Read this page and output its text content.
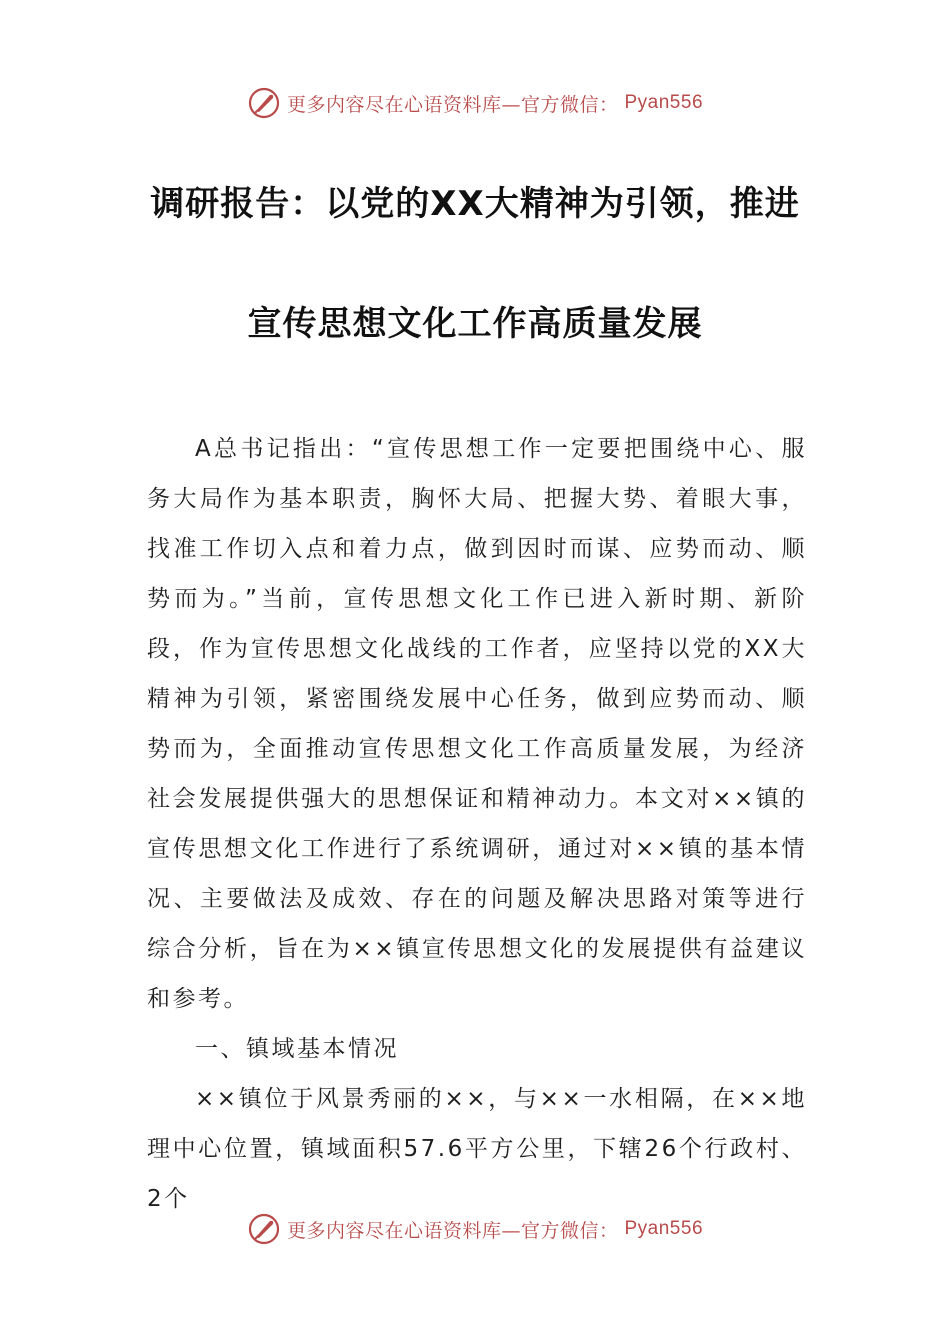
更多内容尽在心语资料库—官方微信： Pyan556
调研报告：以党的XX大精神为引领，推进
宣传思想文化工作高质量发展

A总书记指出：“宣传思想工作一定要把围绕中心、服务大局作为基本职责，胸怀大局、把握大势、着眼大事，找准工作切入点和着力点，做到因时而谋、应势而动、顺势而为。”当前，宣传思想文化工作已进入新时期、新阶段，作为宣传思想文化战线的工作者，应坚持以党的XX大精神为引领，紧密围绕发展中心任务，做到应势而动、顺势而为，全面推动宣传思想文化工作高质量发展，为经济社会发展提供强大的思想保证和精神动力。本文对××镇的宣传思想文化工作进行了系统调研，通过对××镇的基本情况、主要做法及成效、存在的问题及解决思路对策等进行综合分析，旨在为××镇宣传思想文化的发展提供有益建议和参考。

一、镇域基本情况

××镇位于风景秀丽的××，与××一水相隔，在××地理中心位置，镇域面积57.6平方公里，下辖26个行政村、2个

更多内容尽在心语资料库—官方微信： Pyan556
